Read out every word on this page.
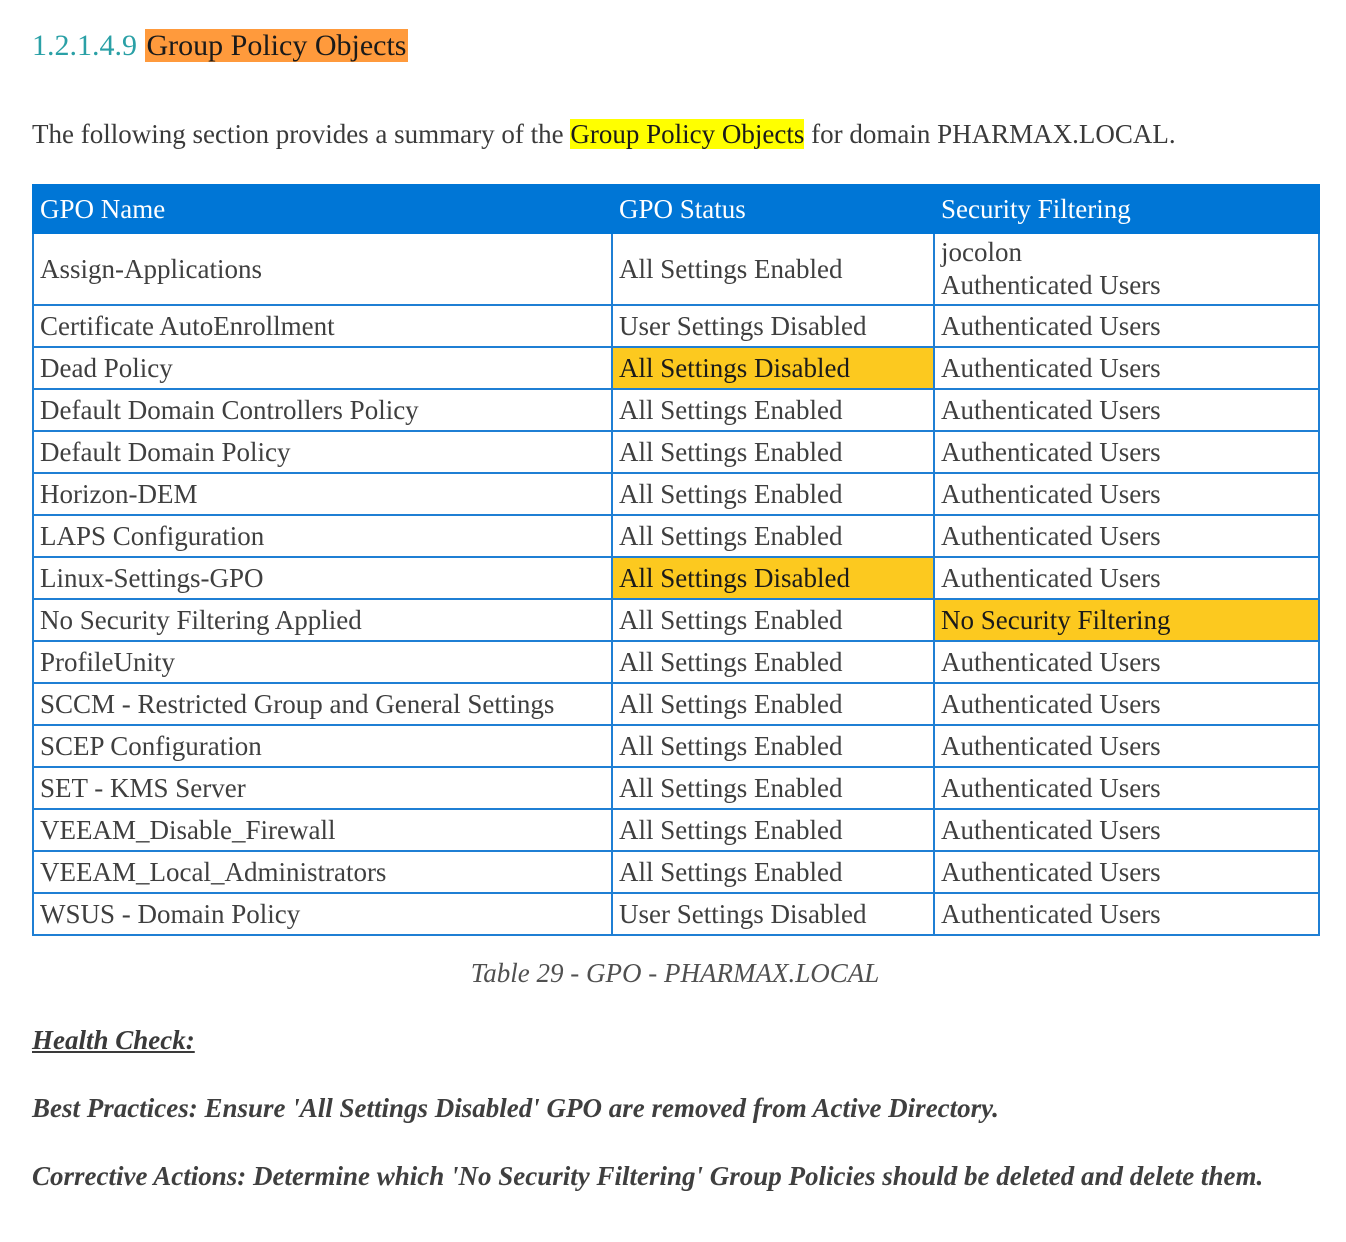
1.2.1.4.9 Group Policy Objects
The following section provides a summary of the Group Policy Objects for domain PHARMAX.LOCAL.
GPO Name	GPO Status	Security Filtering
Assign-Applications	All Settings Enabled	jocolon
Authenticated Users

Certificate AutoEnrollment	User Settings Disabled	Authenticated Users

Dead Policy	All Settings Disabled	Authenticated Users

Default Domain Controllers Policy	All Settings Enabled	Authenticated Users

Default Domain Policy	All Settings Enabled	Authenticated Users

Horizon-DEM	All Settings Enabled	Authenticated Users

LAPS Configuration	All Settings Enabled	Authenticated Users

Linux-Settings-GPO	All Settings Disabled	Authenticated Users

No Security Filtering Applied	All Settings Enabled	No Security Filtering

ProfileUnity	All Settings Enabled	Authenticated Users

SCCM - Restricted Group and General Settings	All Settings Enabled	Authenticated Users

SCEP Configuration	All Settings Enabled	Authenticated Users

SET - KMS Server	All Settings Enabled	Authenticated Users

VEEAM_Disable_Firewall	All Settings Enabled	Authenticated Users

VEEAM_Local_Administrators	All Settings Enabled	Authenticated Users

WSUS - Domain Policy	User Settings Disabled	Authenticated Users
Table 29 - GPO - PHARMAX.LOCAL
Health Check:
Best Practices: Ensure 'All Settings Disabled' GPO are removed from Active Directory.
Corrective Actions: Determine which 'No Security Filtering' Group Policies should be deleted and delete them.
